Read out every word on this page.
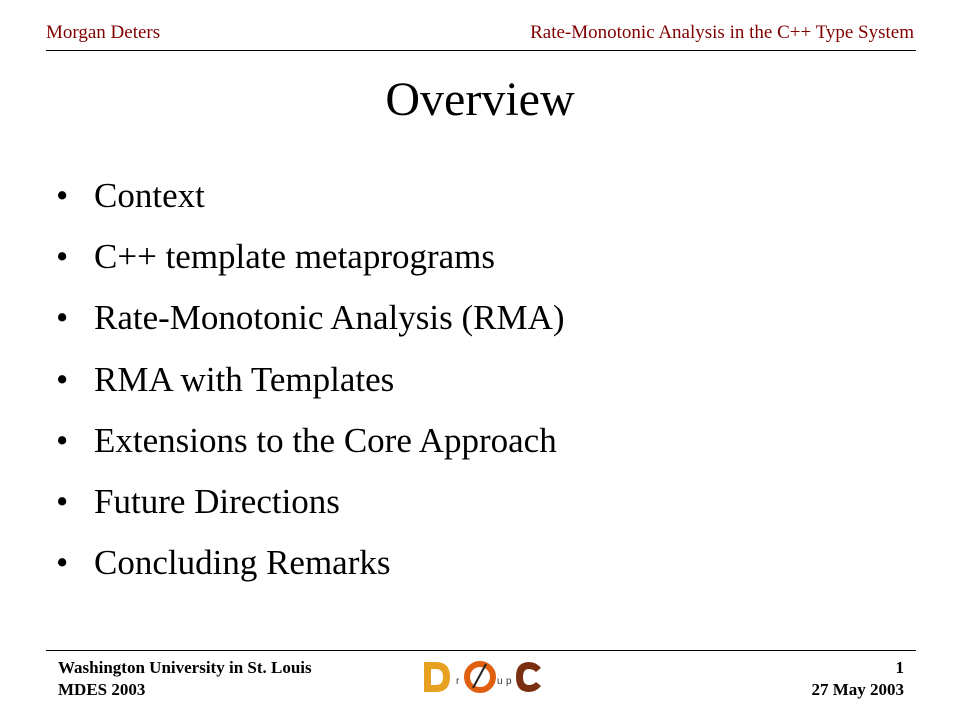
Morgan Deters	Rate-Monotonic Analysis in the C++ Type System
Overview
• Context
• C++ template metaprograms
• Rate-Monotonic Analysis (RMA)
• RMA with Templates
• Extensions to the Core Approach
• Future Directions
• Concluding Remarks
Washington University in St. Louis
MDES 2003
1
27 May 2003
r	u p
